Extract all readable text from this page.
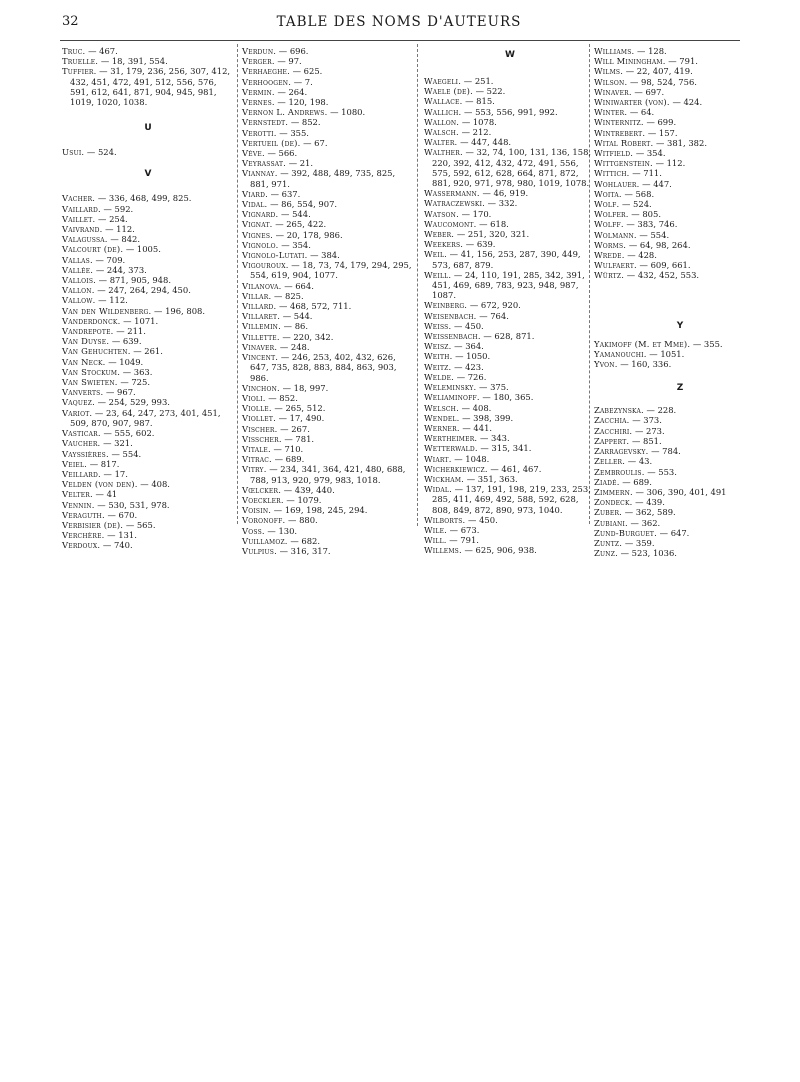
32	TABLE DES NOMS D'AUTEURS
Truc. — 467.
Truelle. — 18, 391, 554.
Tuffier. — 31, 179, 236, 256, 307, 412, 432, 451, 472, 491, 512, 556, 576, 591, 612, 641, 871, 904, 945, 981, 1019, 1020, 1038.
U
Usui. — 524.
V
Vacher. — 336, 468, 499, 825.
Vaillard. — 592.
Vaillet. — 254.
Vaivrand. — 112.
Valagussa. — 842.
Valcourt (de). — 1005.
Vallas. — 709.
Vallée. — 244, 373.
Vallois. — 871, 905, 948.
Vallon. — 247, 264, 294, 450.
Vallow. — 112.
Van den Wildenberg. — 196, 808.
Vanderdonck. — 1071.
Vandrepote. — 211.
Van Duyse. — 639.
Van Gehuchten. — 261.
Van Neck. — 1049.
Van Stockum. — 363.
Van Swieten. — 725.
Vanverts. — 967.
Vaquez. — 254, 529, 993.
Variot. — 23, 64, 247, 273, 401, 451, 509, 870, 907, 987.
Vasticar. — 555, 602.
Vaucher. — 321.
Vayssières. — 554.
Veiel. — 817.
Veillard. — 17.
Velden (von den). — 408.
Velter. — 41
Vennin. — 530, 531, 978.
Veraguth. — 670.
Verbisier (de). — 565.
Verchère. — 131.
Verdoux. — 740.
Verdun. — 696.
Verger. — 97.
Verhaeghe. — 625.
Verhoogen. — 7.
Vermin. — 264.
Vernes. — 120, 198.
Vernon L. Andrews. — 1080.
Vernstedt. — 852.
Verotti. — 355.
Vertueil (de). — 67.
Véve. — 566.
Veyrassat. — 21.
Viannay. — 392, 488, 489, 735, 825, 881, 971.
Viard. — 637.
Vidal. — 86, 554, 907.
Vignard. — 544.
Vignat. — 265, 422.
Vignes. — 20, 178, 986.
Vignolo. — 354.
Vignolo-Lutati. — 384.
Vigouroux. — 18, 73, 74, 179, 294, 295, 554, 619, 904, 1077.
Vilanova. — 664.
Villar. — 825.
Villard. — 468, 572, 711.
Villaret. — 544.
Villemin. — 86.
Villette. — 220, 342.
Vinaver. — 248.
Vincent. — 246, 253, 402, 432, 626, 647, 735, 828, 883, 884, 863, 903, 986.
Vinchon. — 18, 997.
Violi. — 852.
Violle. — 265, 512.
Viollet. — 17, 490.
Vischer. — 267.
Visscher. — 781.
Vitale. — 710.
Vitrac. — 689.
Vitry. — 234, 341, 364, 421, 480, 688, 788, 913, 920, 979, 983, 1018.
Vœlcker. — 439, 440.
Voeckler. — 1079.
Voisin. — 169, 198, 245, 294.
Voronoff. — 880.
Voss. — 130.
Vuillamoz. — 682.
Vulpius. — 316, 317.
W
Waegeli. — 251.
Waele (de). — 522.
Wallace. — 815.
Wallich. — 553, 556, 991, 992.
Wallon. — 1078.
Walsch. — 212.
Walter. — 447, 448.
Walther. — 32, 74, 100, 131, 136, 158, 220, 392, 412, 432, 472, 491, 556, 575, 592, 612, 628, 664, 871, 872, 881, 920, 971, 978, 980, 1019, 1078.
Wassermann. — 46, 919.
Watraczewski. — 332.
Watson. — 170.
Waucomont. — 618.
Weber. — 251, 320, 321.
Weekers. — 639.
Weil. — 41, 156, 253, 287, 390, 449, 573, 687, 879.
Weill. — 24, 110, 191, 285, 342, 391, 451, 469, 689, 783, 923, 948, 987, 1087.
Weinberg. — 672, 920.
Weisenbach. — 764.
Weiss. — 450.
Weissenbach. — 628, 871.
Weisz. — 364.
Weith. — 1050.
Weitz. — 423.
Welde. — 726.
Weleminsky. — 375.
Weliaminoff. — 180, 365.
Welsch. — 408.
Wendel. — 398, 399.
Werner. — 441.
Wertheimer. — 343.
Wetterwald. — 315, 341.
Wiart. — 1048.
Wicherkiewicz. — 461, 467.
Wickham. — 351, 363.
Widal. — 137, 191, 198, 219, 233, 253, 285, 411, 469, 492, 588, 592, 628, 808, 849, 872, 890, 973, 1040.
Wilborts. — 450.
Wile. — 673.
Will. — 791.
Willems. — 625, 906, 938.
Williams. — 128.
Will Miningham. — 791.
Wilms. — 22, 407, 419.
Wilson. — 98, 524, 756.
Winaver. — 697.
Winiwarter (von). — 424.
Winter. — 64.
Winternitz. — 699.
Wintrebert. — 157.
Wital Robert. — 381, 382.
Witfield. — 354.
Wittgenstein. — 112.
Wittich. — 711.
Wohlauer. — 447.
Woita. — 568.
Wolf. — 524.
Wolfer. — 805.
Wolff. — 383, 746.
Wolmann. — 554.
Worms. — 64, 98, 264.
Wrede. — 428.
Wulfaert. — 609, 661.
Würtz. — 432, 452, 553.
Y
Yakimoff (M. et Mme). — 355.
Yamanouchi. — 1051.
Yvon. — 160, 336.
Z
Zabezynska. — 228.
Zacchia. — 373.
Zacchiri. — 273.
Zappert. — 851.
Zarragevsky. — 784.
Zeller. — 43.
Zembroulis. — 553.
Ziadé. — 689.
Zimmern. — 306, 390, 401, 491
Zondeck. — 439.
Zuber. — 362, 589.
Zubiani. — 362.
Zund-Burguet. — 647.
Zuntz. — 359.
Zunz. — 523, 1036.
